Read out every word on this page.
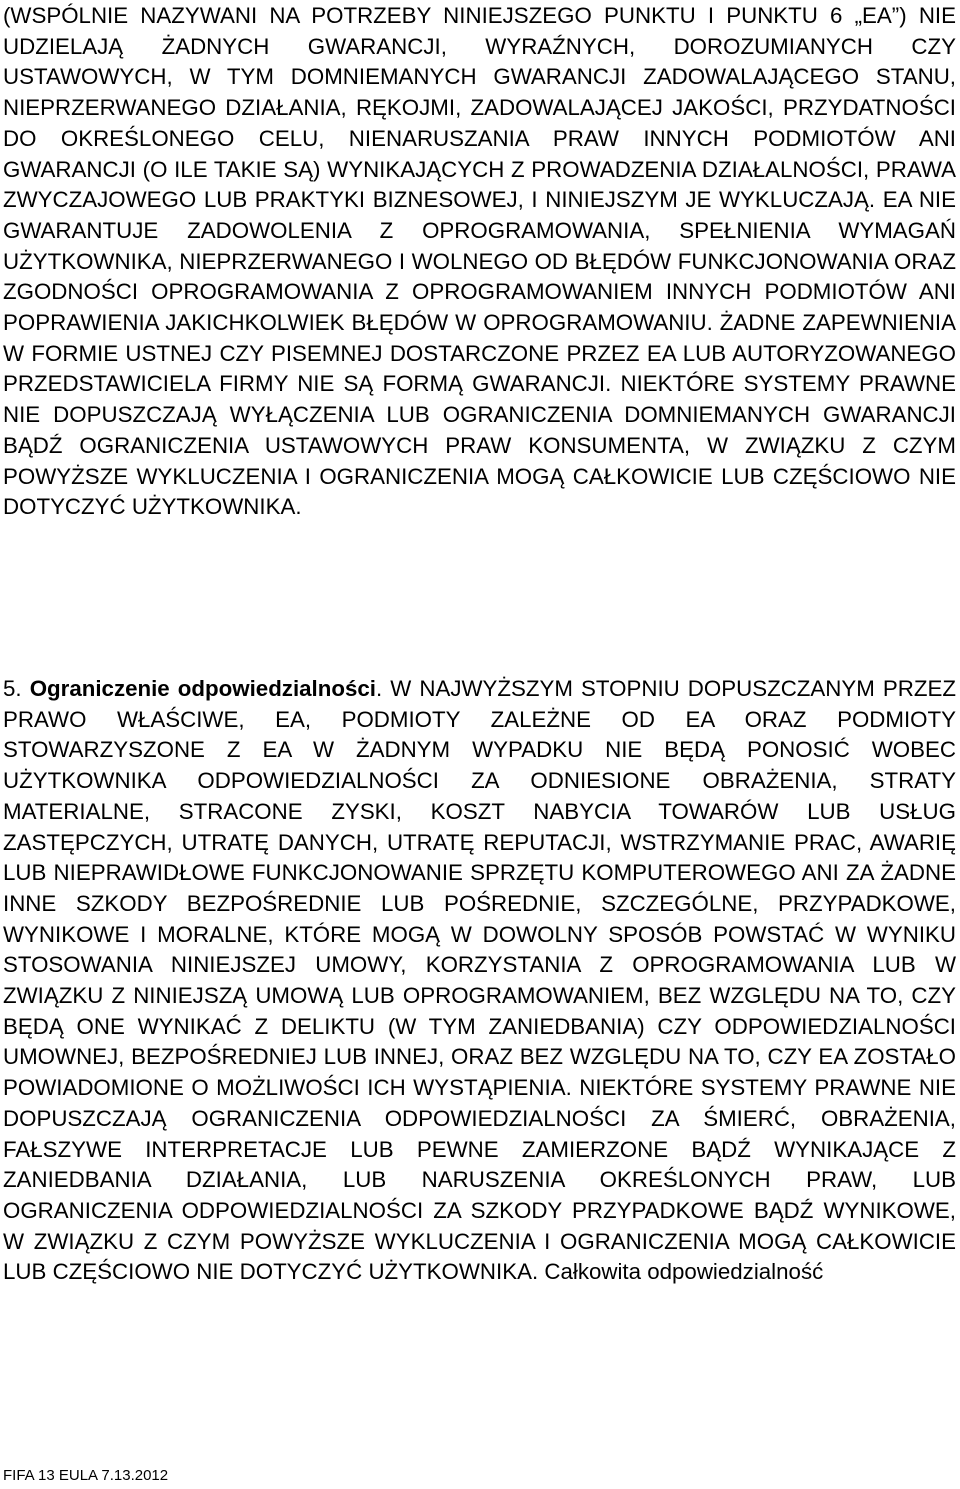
(WSPÓLNIE NAZYWANI NA POTRZEBY NINIEJSZEGO PUNKTU I PUNKTU 6 „EA”) NIE UDZIELAJĄ ŻADNYCH GWARANCJI, WYRAŹNYCH, DOROZUMIANYCH CZY USTAWOWYCH, W TYM DOMNIEMANYCH GWARANCJI ZADOWALAJĄCEGO STANU, NIEPRZERWANEGO DZIAŁANIA, RĘKOJMI, ZADOWALAJĄCEJ JAKOŚCI, PRZYDATNOŚCI DO OKREŚLONEGO CELU, NIENARUSZANIA PRAW INNYCH PODMIOTÓW ANI GWARANCJI (O ILE TAKIE SĄ) WYNIKAJĄCYCH Z PROWADZENIA DZIAŁALNOŚCI, PRAWA ZWYCZAJOWEGO LUB PRAKTYKI BIZNESOWEJ, I NINIEJSZYM JE WYKLUCZAJĄ. EA NIE GWARANTUJE ZADOWOLENIA Z OPROGRAMOWANIA, SPEŁNIENIA WYMAGAŃ UŻYTKOWNIKA, NIEPRZERWANEGO I WOLNEGO OD BŁĘDÓW FUNKCJONOWANIA ORAZ ZGODNOŚCI OPROGRAMOWANIA Z OPROGRAMOWANIEM INNYCH PODMIOTÓW ANI POPRAWIENIA JAKICHKOLWIEK BŁĘDÓW W OPROGRAMOWANIU. ŻADNE ZAPEWNIENIA W FORMIE USTNEJ CZY PISEMNEJ DOSTARCZONE PRZEZ EA LUB AUTORYZOWANEGO PRZEDSTAWICIELA FIRMY NIE SĄ FORMĄ GWARANCJI. NIEKTÓRE SYSTEMY PRAWNE NIE DOPUSZCZAJĄ WYŁĄCZENIA LUB OGRANICZENIA DOMNIEMANYCH GWARANCJI BĄDŹ OGRANICZENIA USTAWOWYCH PRAW KONSUMENTA, W ZWIĄZKU Z CZYM POWYŻSZE WYKLUCZENIA I OGRANICZENIA MOGĄ CAŁKOWICIE LUB CZĘŚCIOWO NIE DOTYCZYĆ UŻYTKOWNIKA.

5. Ograniczenie odpowiedzialności. W NAJWYŻSZYM STOPNIU DOPUSZCZANYM PRZEZ PRAWO WŁAŚCIWE, EA, PODMIOTY ZALEŻNE OD EA ORAZ PODMIOTY STOWARZYSZONE Z EA W ŻADNYM WYPADKU NIE BĘDĄ PONOSIĆ WOBEC UŻYTKOWNIKA ODPOWIEDZIALNOŚCI ZA ODNIESIONE OBRAŻENIA, STRATY MATERIALNE, STRACONE ZYSKI, KOSZT NABYCIA TOWARÓW LUB USŁUG ZASTĘPCZYCH, UTRATĘ DANYCH, UTRATĘ REPUTACJI, WSTRZYMANIE PRAC, AWARIĘ LUB NIEPRAWIDŁOWE FUNKCJONOWANIE SPRZĘTU KOMPUTEROWEGO ANI ZA ŻADNE INNE SZKODY BEZPOŚREDNIE LUB POŚREDNIE, SZCZEGÓLNE, PRZYPADKOWE, WYNIKOWE I MORALNE, KTÓRE MOGĄ W DOWOLNY SPOSÓB POWSTAĆ W WYNIKU STOSOWANIA NINIEJSZEJ UMOWY, KORZYSTANIA Z OPROGRAMOWANIA LUB W ZWIĄZKU Z NINIEJSZĄ UMOWĄ LUB OPROGRAMOWANIEM, BEZ WZGLĘDU NA TO, CZY BĘDĄ ONE WYNIKAĆ Z DELIKTU (W TYM ZANIEDBANIA) CZY ODPOWIEDZIALNOŚCI UMOWNEJ, BEZPOŚREDNIEJ LUB INNEJ, ORAZ BEZ WZGLĘDU NA TO, CZY EA ZOSTAŁO POWIADOMIONE O MOŻLIWOŚCI ICH WYSTĄPIENIA. NIEKTÓRE SYSTEMY PRAWNE NIE DOPUSZCZAJĄ OGRANICZENIA ODPOWIEDZIALNOŚCI ZA ŚMIERĆ, OBRAŻENIA, FAŁSZYWE INTERPRETACJE LUB PEWNE ZAMIERZONE BĄDŹ WYNIKAJĄCE Z ZANIEDBANIA DZIAŁANIA, LUB NARUSZENIA OKREŚLONYCH PRAW, LUB OGRANICZENIA ODPOWIEDZIALNOŚCI ZA SZKODY PRZYPADKOWE BĄDŹ WYNIKOWE, W ZWIĄZKU Z CZYM POWYŻSZE WYKLUCZENIA I OGRANICZENIA MOGĄ CAŁKOWICIE LUB CZĘŚCIOWO NIE DOTYCZYĆ UŻYTKOWNIKA. Całkowita odpowiedzialność

FIFA 13 EULA 7.13.2012
